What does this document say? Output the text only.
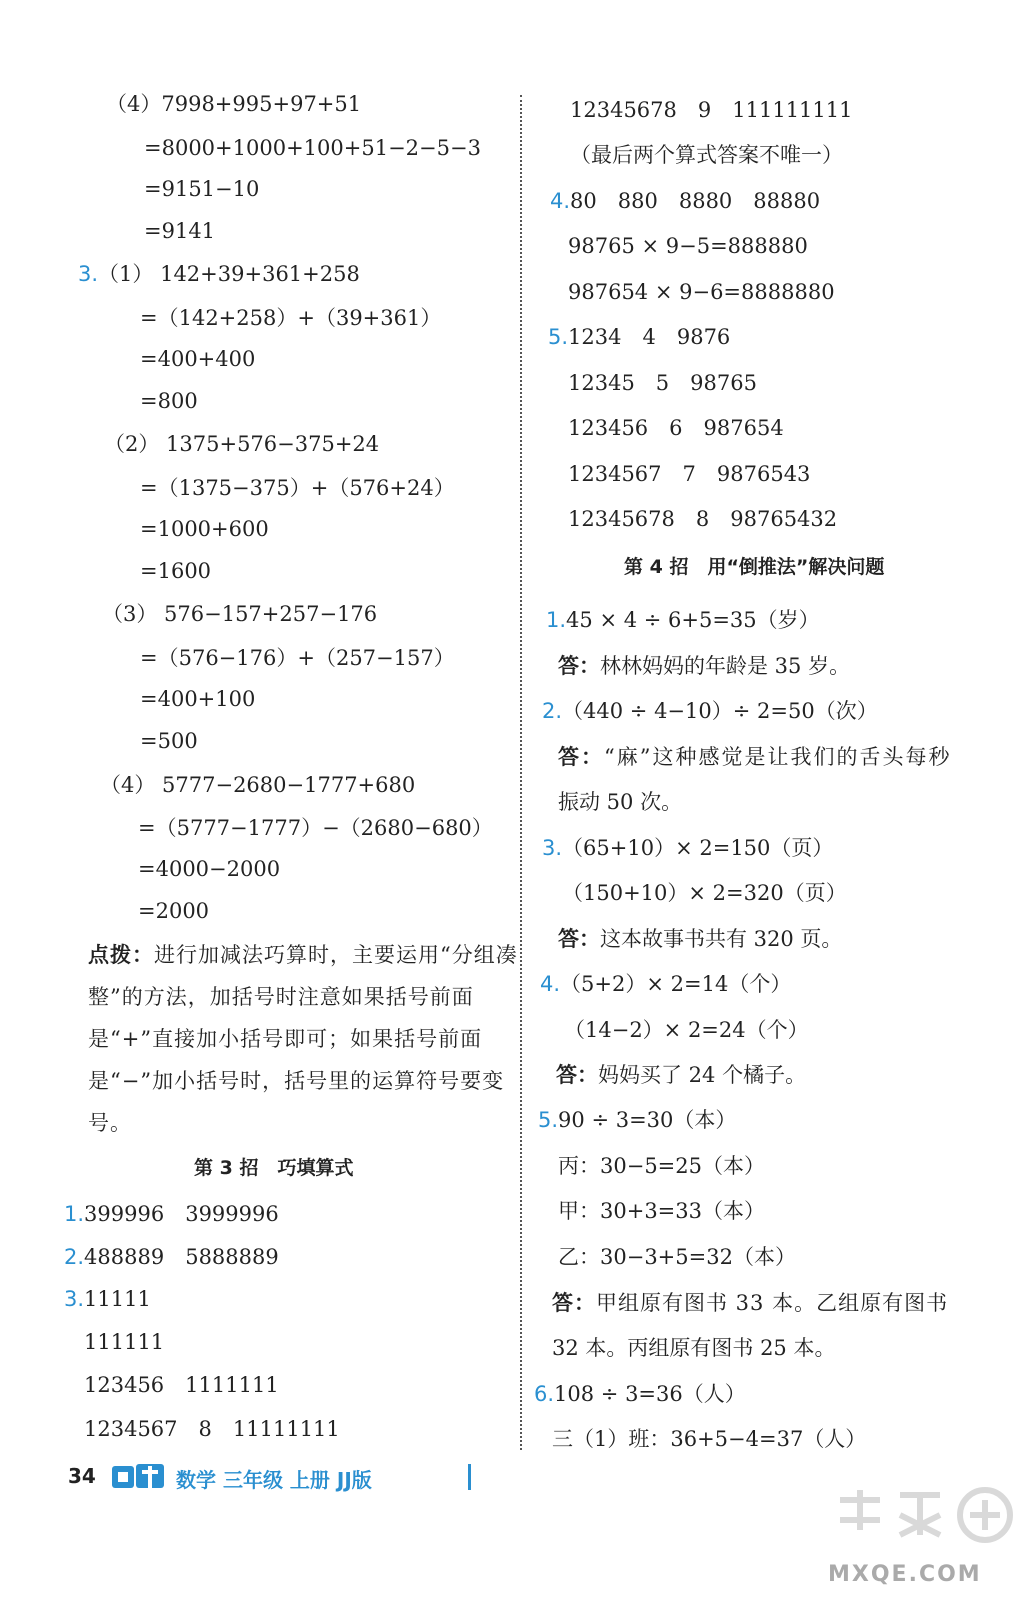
（4）7998+995+97+51
=8000+1000+100+51−2−5−3
=9151−10
=9141
3.（1） 142+39+361+258
=（142+258）+（39+361）
=400+400
=800
（2） 1375+576−375+24
=（1375−375）+（576+24）
=1000+600
=1600
（3） 576−157+257−176
=（576−176）+（257−157）
=400+100
=500
（4） 5777−2680−1777+680
=（5777−1777）−（2680−680）
=4000−2000
=2000
点拨：进行加减法巧算时，主要运用“分组凑整”的方法，加括号时注意如果括号前面是“+”直接加小括号即可；如果括号前面是“−”加小括号时，括号里的运算符号要变号。
第 3 招　巧填算式
1.399996　3999996
2.488889　5888889
3.11111
111111
123456　1111111
1234567　8　11111111
12345678　9　111111111
（最后两个算式答案不唯一）
4.80　880　8880　88880
98765 × 9−5=888880
987654 × 9−6=8888880
5.1234　4　9876
12345　5　98765
123456　6　987654
1234567　7　9876543
12345678　8　98765432
第 4 招　用“倒推法”解决问题
1.45 × 4 ÷ 6+5=35（岁）
答：林林妈妈的年龄是 35 岁。
2.（440 ÷ 4−10）÷ 2=50（次）
答：“麻”这种感觉是让我们的舌头每秒
振动 50 次。
3.（65+10）× 2=150（页）
（150+10）× 2=320（页）
答：这本故事书共有 320 页。
4.（5+2）× 2=14（个）
（14−2）× 2=24（个）
答：妈妈买了 24 个橘子。
5.90 ÷ 3=30（本）
丙：30−5=25（本）
甲：30+3=33（本）
乙：30−3+5=32（本）
答：甲组原有图书 33 本。乙组原有图书
32 本。丙组原有图书 25 本。
6.108 ÷ 3=36（人）
三（1）班：36+5−4=37（人）
34	数学 三年级 上册 JJ版
MXQE.COM
